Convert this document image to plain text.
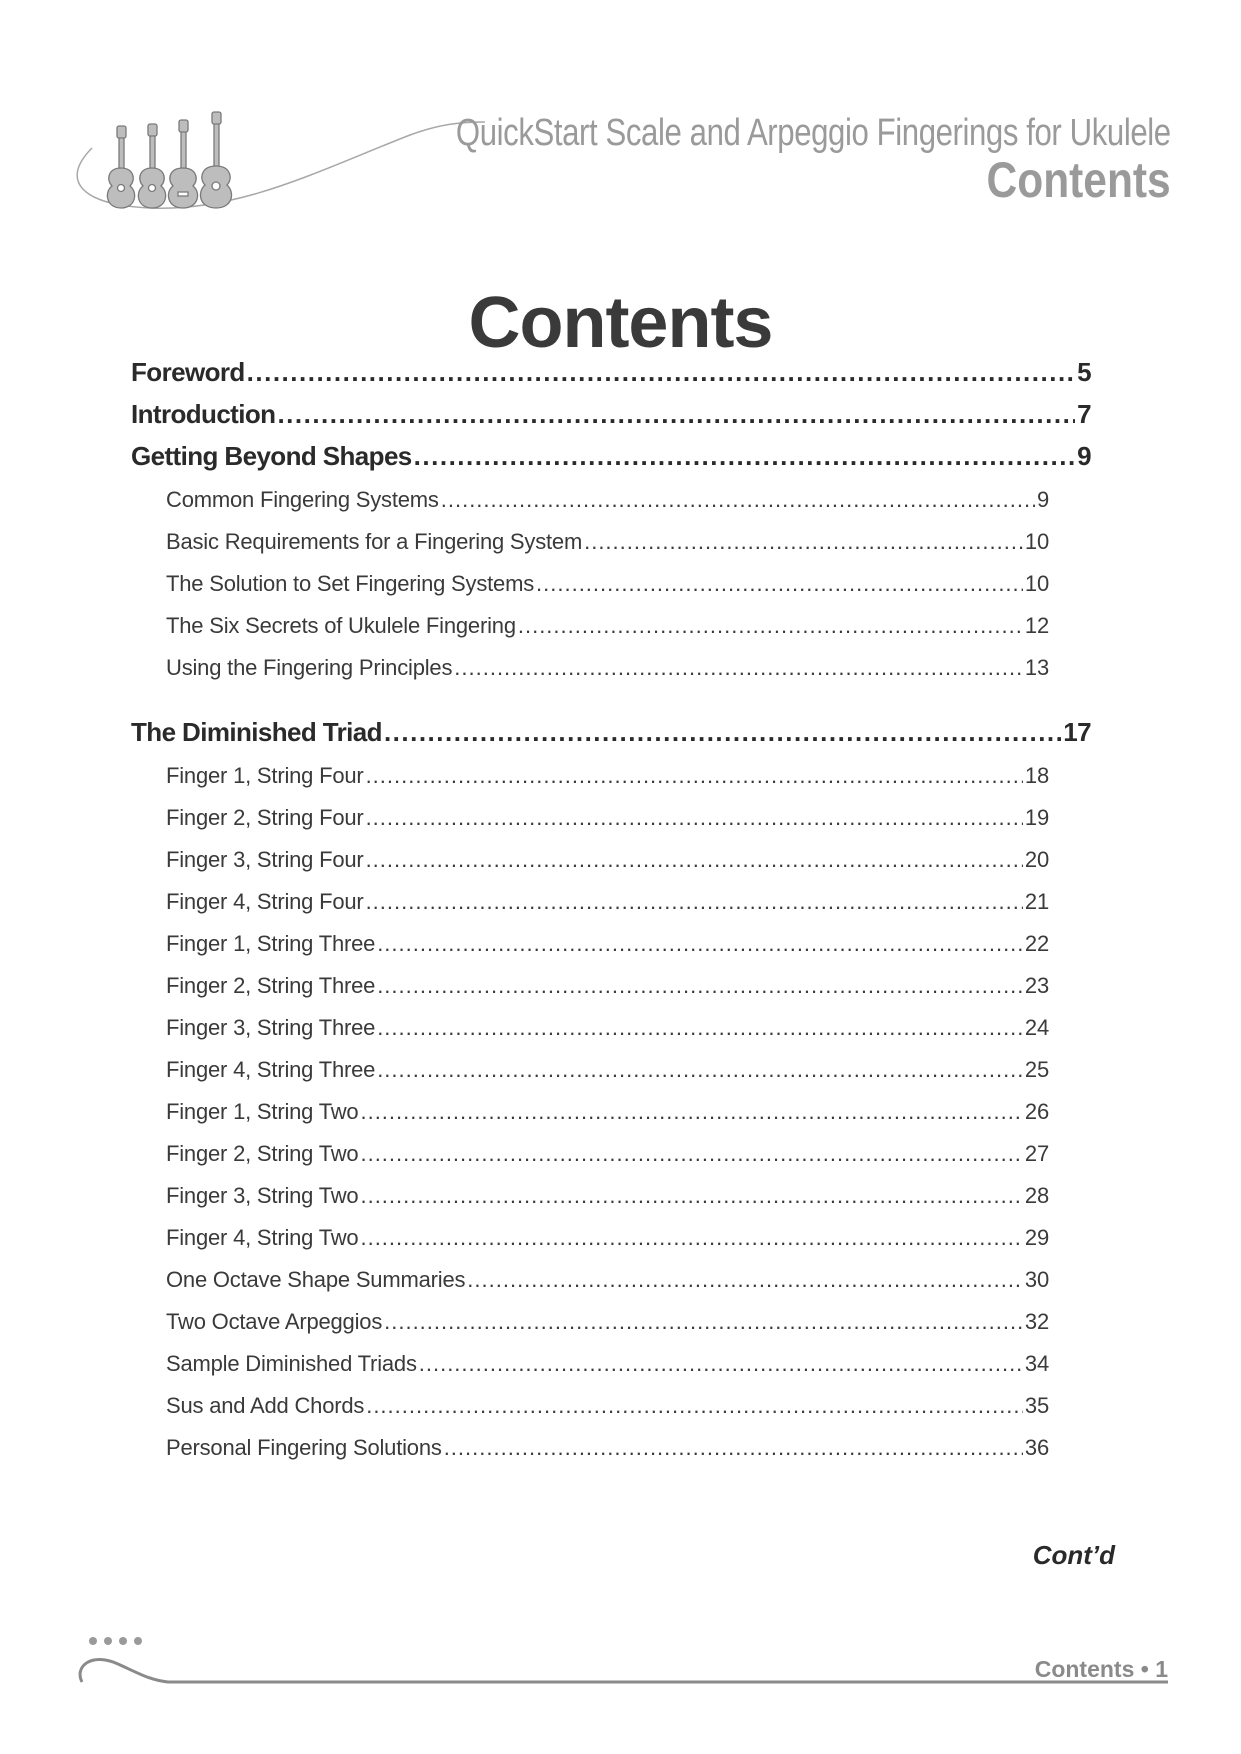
QuickStart Scale and Arpeggio Fingerings for Ukulele
Contents
Contents
Foreword .....	5
Introduction .....	7
Getting Beyond Shapes .....	9
Common Fingering Systems .....	9
Basic Requirements for a Fingering System .....	10
The Solution to Set Fingering Systems .....	10
The Six Secrets of Ukulele Fingering .....	12
Using the Fingering Principles .....	13
The Diminished Triad .....	17
Finger 1, String Four .....	18
Finger 2, String Four .....	19
Finger 3, String Four .....	20
Finger 4, String Four .....	21
Finger 1, String Three .....	22
Finger 2, String Three .....	23
Finger 3, String Three .....	24
Finger 4, String Three .....	25
Finger 1, String Two .....	26
Finger 2, String Two .....	27
Finger 3, String Two .....	28
Finger 4, String Two .....	29
One Octave Shape Summaries .....	30
Two Octave Arpeggios .....	32
Sample Diminished Triads .....	34
Sus and Add Chords .....	35
Personal Fingering Solutions .....	36
Cont’d
Contents • 1
